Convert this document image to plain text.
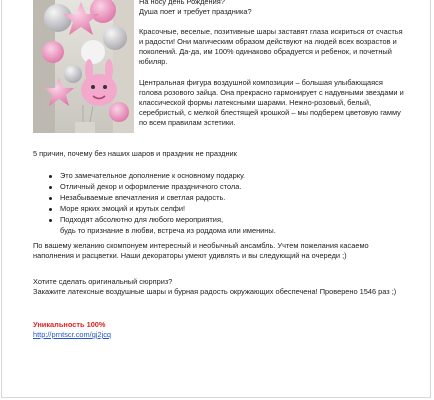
На носу день Рождения?

Душа поет и требует праздника?

Красочные, веселые, позитивные шары заставят глаза искриться от счастья и радости! Они магическим образом действуют на людей всех возрастов и поколений. Да-да, им 100% одинаково обрадуется и ребенок, и почетный юбиляр.

Центральная фигура воздушной композиции – большая улыбающаяся голова розового зайца. Она прекрасно гармонирует с надувными звездами и классической формы латексными шарами. Нежно-розовый, белый, серебристый, с мелкой блестящей крошкой – мы подберем цветовую гамму по всем правилам эстетики.

5 причин, почему без наших шаров и праздник не праздник

Это замечательное дополнение к основному подарку.
Отличный декор и оформление праздничного стола.
Незабываемые впечатления и светлая радость.
Море ярких эмоций и крутых селфи!
Подходят абсолютно для любого мероприятия,
будь то признание в любви, встреча из роддома или именины.

По вашему желанию скомпонуем интересный и необычный ансамбль. Учтем пожелания касаемо наполнения и расцветки. Наши декораторы умеют удивлять и вы следующий на очереди ;)

Хотите сделать оригинальный сюрприз?

Закажите латексные воздушные шары и бурная радость окружающих обеспечена! Проверено 1546 раз ;)

Уникальность 100%

http://prntscr.com/gj2jcq
